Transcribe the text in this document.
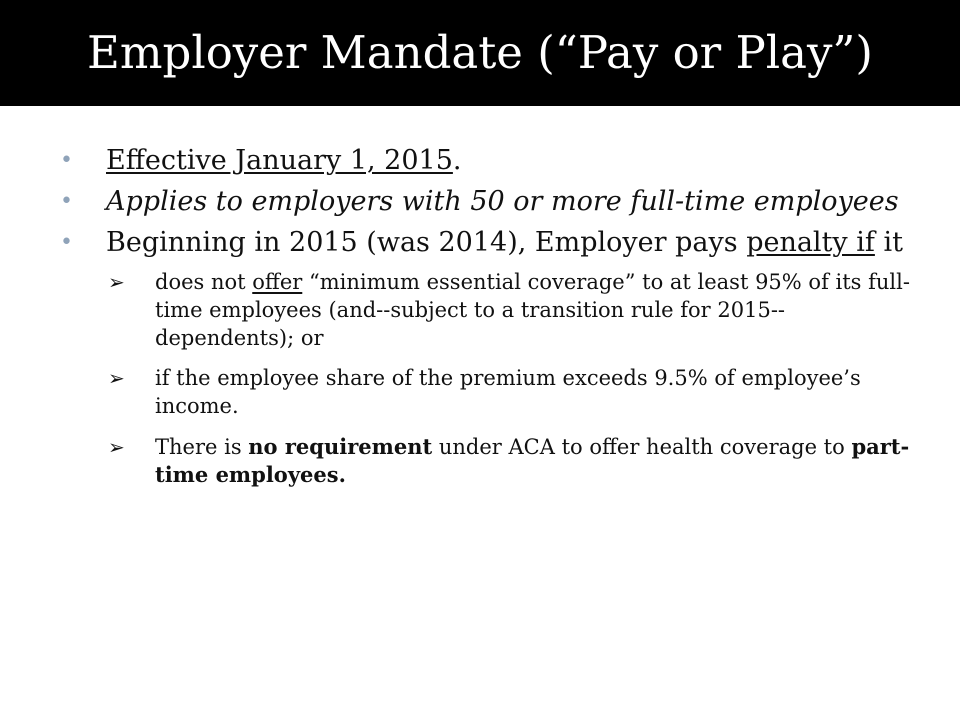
Employer Mandate (“Pay or Play”)
• Effective January 1, 2015.
• Applies to employers with 50 or more full-time employees
• Beginning in 2015 (was 2014), Employer pays penalty if it
➢ does not offer “minimum essential coverage” to at least 95% of its full-time employees (and--subject to a transition rule for 2015--dependents); or
➢ if the employee share of the premium exceeds 9.5% of employee’s income.
➢ There is no requirement under ACA to offer health coverage to part-time employees.
